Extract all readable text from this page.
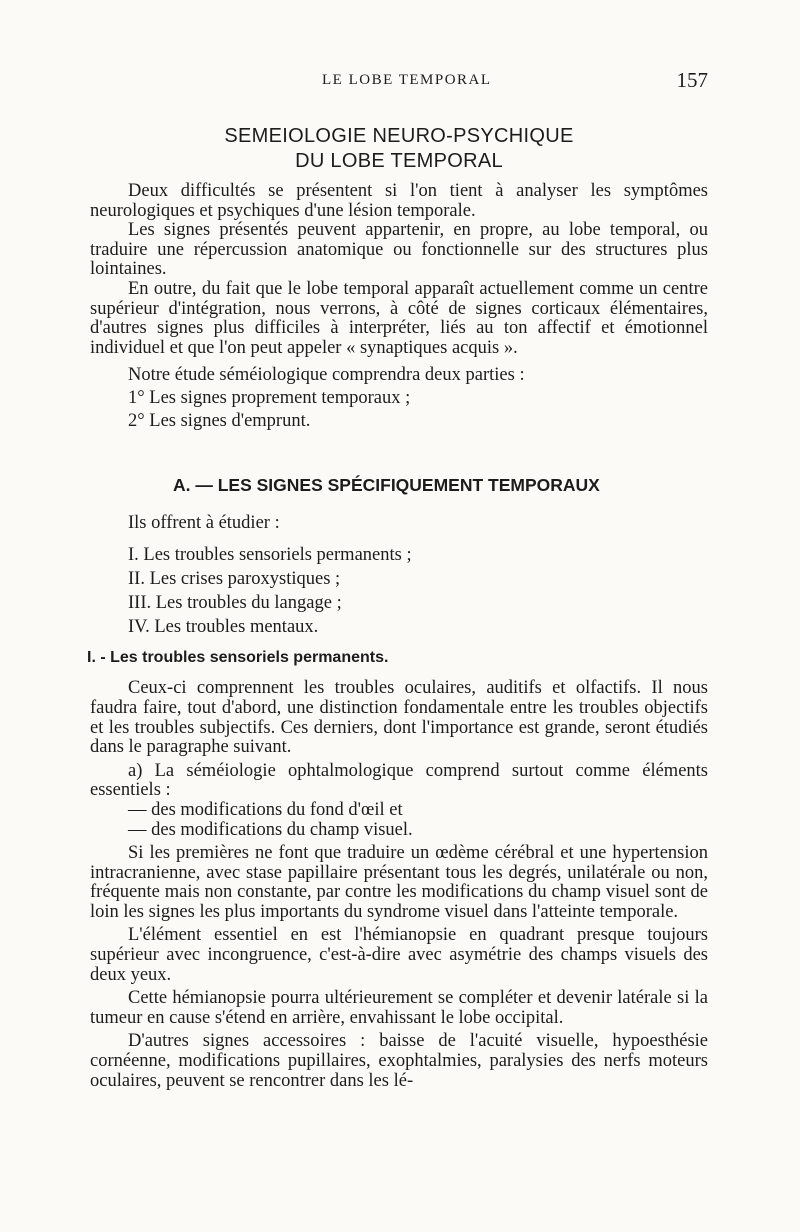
LE LOBE TEMPORAL	157
SEMEIOLOGIE NEURO-PSYCHIQUE
DU LOBE TEMPORAL

Deux difficultés se présentent si l'on tient à analyser les symptômes neurologiques et psychiques d'une lésion temporale.

Les signes présentés peuvent appartenir, en propre, au lobe temporal, ou traduire une répercussion anatomique ou fonctionnelle sur des structures plus lointaines.

En outre, du fait que le lobe temporal apparaît actuellement comme un centre supérieur d'intégration, nous verrons, à côté de signes corticaux élémentaires, d'autres signes plus difficiles à interpréter, liés au ton affectif et émotionnel individuel et que l'on peut appeler « synaptiques acquis ».

Notre étude séméiologique comprendra deux parties :

1° Les signes proprement temporaux ;

2° Les signes d'emprunt.

A. — LES SIGNES SPÉCIFIQUEMENT TEMPORAUX

Ils offrent à étudier :

I. Les troubles sensoriels permanents ;
II. Les crises paroxystiques ;
III. Les troubles du langage ;
IV. Les troubles mentaux.
I. - Les troubles sensoriels permanents.

Ceux-ci comprennent les troubles oculaires, auditifs et olfactifs. Il nous faudra faire, tout d'abord, une distinction fondamentale entre les troubles objectifs et les troubles subjectifs. Ces derniers, dont l'importance est grande, seront étudiés dans le paragraphe suivant.

a) La séméiologie ophtalmologique comprend surtout comme éléments essentiels :

— des modifications du fond d'œil et
— des modifications du champ visuel.

Si les premières ne font que traduire un œdème cérébral et une hypertension intracranienne, avec stase papillaire présentant tous les degrés, unilatérale ou non, fréquente mais non constante, par contre les modifications du champ visuel sont de loin les signes les plus importants du syndrome visuel dans l'atteinte temporale.

L'élément essentiel en est l'hémianopsie en quadrant presque toujours supérieur avec incongruence, c'est-à-dire avec asymétrie des champs visuels des deux yeux.

Cette hémianopsie pourra ultérieurement se compléter et devenir latérale si la tumeur en cause s'étend en arrière, envahissant le lobe occipital.

D'autres signes accessoires : baisse de l'acuité visuelle, hypoesthésie cornéenne, modifications pupillaires, exophtalmies, paralysies des nerfs moteurs oculaires, peuvent se rencontrer dans les lé-
